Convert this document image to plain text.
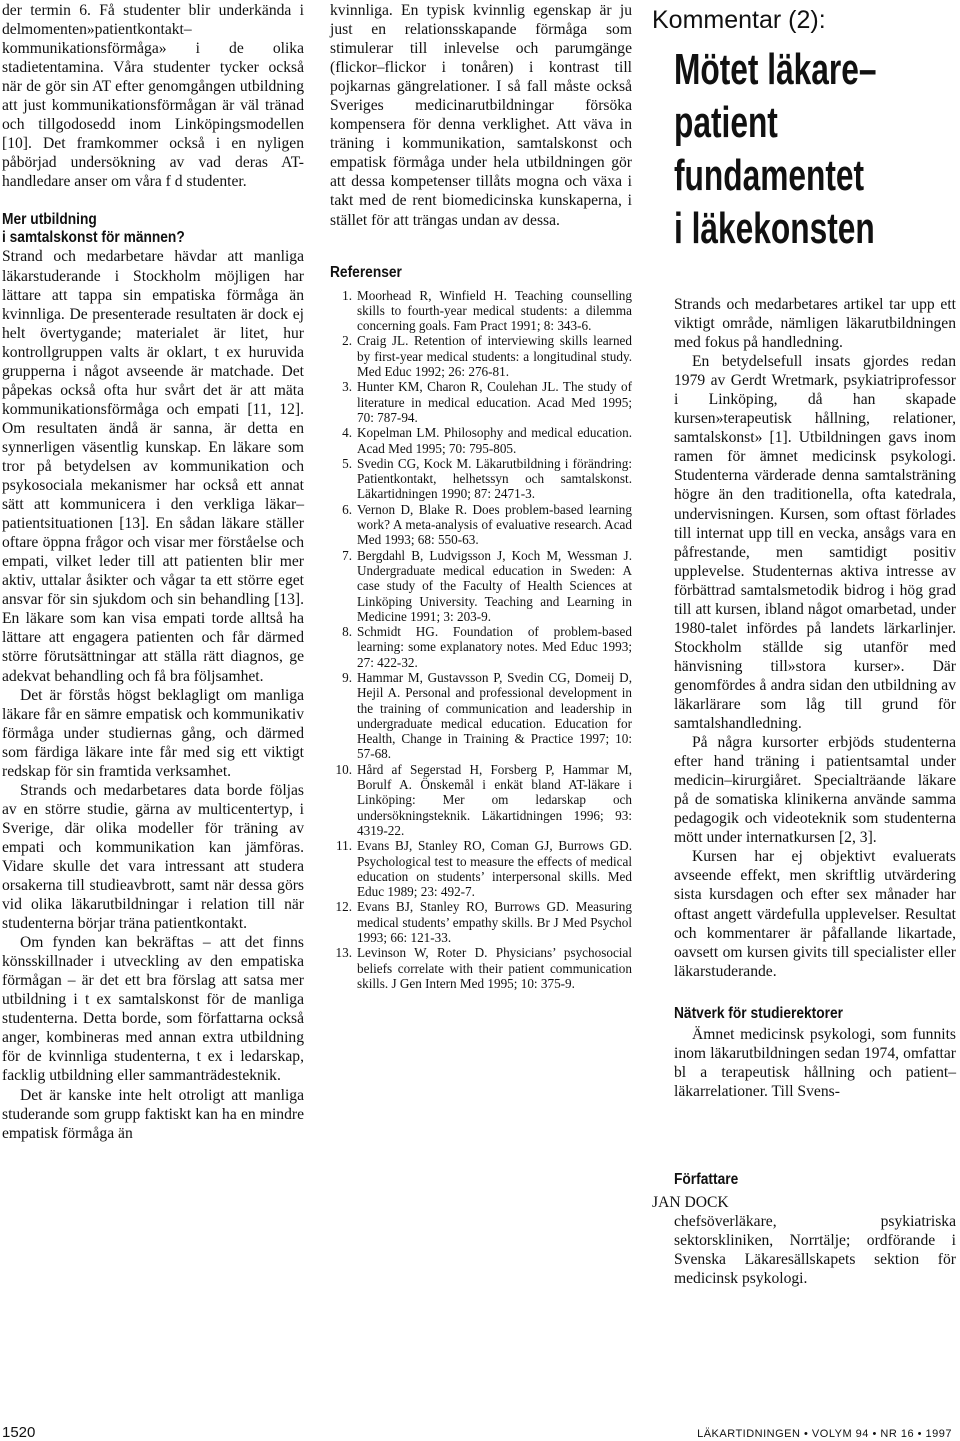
der termin 6. Få studenter blir underkända i delmomenten»patientkontakt–kommunikationsförmåga» i de olika stadietentamina. Våra studenter tycker också när de gör sin AT efter genomgången utbildning att just kommunikationsförmågan är väl tränad och tillgodosedd inom Linköpingsmodellen [10]. Det framkommer också i en nyligen påbörjad undersökning av vad deras AT-handledare anser om våra f d studenter.

Mer utbildning
i samtalskonst för männen?

Strand och medarbetare hävdar att manliga läkarstuderande i Stockholm möjligen har lättare att tappa sin empatiska förmåga än kvinnliga. De presenterade resultaten är dock ej helt övertygande; materialet är litet, hur kontrollgruppen valts är oklart, t ex huruvida grupperna i något avseende är matchade. Det påpekas också ofta hur svårt det är att mäta kommunikationsförmåga och empati [11, 12]. Om resultaten ändå är sanna, är detta en synnerligen väsentlig kunskap. En läkare som tror på betydelsen av kommunikation och psykosociala mekanismer har också ett annat sätt att kommunicera i den verkliga läkar–patientsituationen [13]. En sådan läkare ställer oftare öppna frågor och visar mer förståelse och empati, vilket leder till att patienten blir mer aktiv, uttalar åsikter och vågar ta ett större eget ansvar för sin sjukdom och sin behandling [13]. En läkare som kan visa empati torde alltså ha lättare att engagera patienten och får därmed större förutsättningar att ställa rätt diagnos, ge adekvat behandling och få bra följsamhet.

Det är förstås högst beklagligt om manliga läkare får en sämre empatisk och kommunikativ förmåga under studiernas gång, och därmed som färdiga läkare inte får med sig ett viktigt redskap för sin framtida verksamhet.

Strands och medarbetares data borde följas av en större studie, gärna av multicentertyp, i Sverige, där olika modeller för träning av empati och kommunikation kan jämföras. Vidare skulle det vara intressant att studera orsakerna till studieavbrott, samt när dessa görs vid olika läkarutbildningar i relation till när studenterna börjar träna patientkontakt.

Om fynden kan bekräftas – att det finns könsskillnader i utveckling av den empatiska förmågan – är det ett bra förslag att satsa mer utbildning i t ex samtalskonst för de manliga studenterna. Detta borde, som författarna också anger, kombineras med annan extra utbildning för de kvinnliga studenterna, t ex i ledarskap, facklig utbildning eller sammanträdesteknik.

Det är kanske inte helt otroligt att manliga studerande som grupp faktiskt kan ha en mindre empatisk förmåga än

kvinnliga. En typisk kvinnlig egenskap är ju just en relationsskapande förmåga som stimulerar till inlevelse och parumgänge (flickor–flickor i tonåren) i kontrast till pojkarnas gängrelationer. I så fall måste också Sveriges medicinarutbildningar försöka kompensera för denna verklighet. Att väva in träning i kommunikation, samtalskonst och empatisk förmåga under hela utbildningen gör att dessa kompetenser tillåts mogna och växa i takt med de rent biomedicinska kunskaperna, i stället för att trängas undan av dessa.

Referenser
1. Moorhead R, Winfield H. Teaching counselling skills to fourth-year medical students: a dilemma concerning goals. Fam Pract 1991; 8: 343-6.
2. Craig JL. Retention of interviewing skills learned by first-year medical students: a longitudinal study. Med Educ 1992; 26: 276-81.
3. Hunter KM, Charon R, Coulehan JL. The study of literature in medical education. Acad Med 1995; 70: 787-94.
4. Kopelman LM. Philosophy and medical education. Acad Med 1995; 70: 795-805.
5. Svedin CG, Kock M. Läkarutbildning i förändring: Patientkontakt, helhetssyn och samtalskonst. Läkartidningen 1990; 87: 2471-3.
6. Vernon D, Blake R. Does problem-based learning work? A meta-analysis of evaluative research. Acad Med 1993; 68: 550-63.
7. Bergdahl B, Ludvigsson J, Koch M, Wessman J. Undergraduate medical education in Sweden: A case study of the Faculty of Health Sciences at Linköping University. Teaching and Learning in Medicine 1991; 3: 203-9.
8. Schmidt HG. Foundation of problem-based learning: some explanatory notes. Med Educ 1993; 27: 422-32.
9. Hammar M, Gustavsson P, Svedin CG, Domeij D, Hejil A. Personal and professional development in the training of communication and leadership in undergraduate medical education. Education for Health, Change in Training & Practice 1997; 10: 57-68.
10. Hård af Segerstad H, Forsberg P, Hammar M, Borulf A. Önskemål i enkät bland AT-läkare i Linköping: Mer om ledarskap och undersökningsteknik. Läkartidningen 1996; 93: 4319-22.
11. Evans BJ, Stanley RO, Coman GJ, Burrows GD. Psychological test to measure the effects of medical education on students’ interpersonal skills. Med Educ 1989; 23: 492-7.
12. Evans BJ, Stanley RO, Burrows GD. Measuring medical students’ empathy skills. Br J Med Psychol 1993; 66: 121-33.
13. Levinson W, Roter D. Physicians’ psychosocial beliefs correlate with their patient communication skills. J Gen Intern Med 1995; 10: 375-9.
Kommentar (2):
Mötet läkare–
patient
fundamentet
i läkekonsten

Strands och medarbetares artikel tar upp ett viktigt område, nämligen läkarutbildningen med fokus på handledning.

En betydelsefull insats gjordes redan 1979 av Gerdt Wretmark, psykiatriprofessor i Linköping, då han skapade kursen»terapeutisk hållning, relationer, samtalskonst» [1]. Utbildningen gavs inom ramen för ämnet medicinsk psykologi. Studenterna värderade denna samtalsträning högre än den traditionella, ofta katedrala, undervisningen. Kursen, som oftast förlades till internat upp till en vecka, ansågs vara en påfrestande, men samtidigt positiv upplevelse. Studenternas aktiva intresse av förbättrad samtalsmetodik bidrog i hög grad till att kursen, ibland något omarbetad, under 1980-talet infördes på landets lärkarlinjer. Stockholm ställde sig utanför med hänvisning till»stora kurser». Där genomfördes å andra sidan den utbildning av läkarlärare som låg till grund för samtalshandledning.

På några kursorter erbjöds studenterna efter hand träning i patientsamtal under medicin–kirurgiåret. Specialträande läkare på de somatiska klinikerna använde samma pedagogik och videoteknik som studenterna mött under internatkursen [2, 3].

Kursen har ej objektivt evaluerats avseende effekt, men skriftlig utvärdering sista kursdagen och efter sex månader har oftast angett värdefulla upplevelser. Resultat och kommentarer är påfallande likartade, oavsett om kursen givits till specialister eller läkarstuderande.

Nätverk för studierektorer

Ämnet medicinsk psykologi, som funnits inom läkarutbildningen sedan 1974, omfattar bl a terapeutisk hållning och patient–läkarrelationer. Till Svens-

Författare

JAN DOCK

chefsöverläkare, psykiatriska sektorskliniken, Norrtälje; ordförande i Svenska Läkaresällskapets sektion för medicinsk psykologi.

1520	LÄKARTIDNINGEN • VOLYM 94 • NR 16 • 1997
